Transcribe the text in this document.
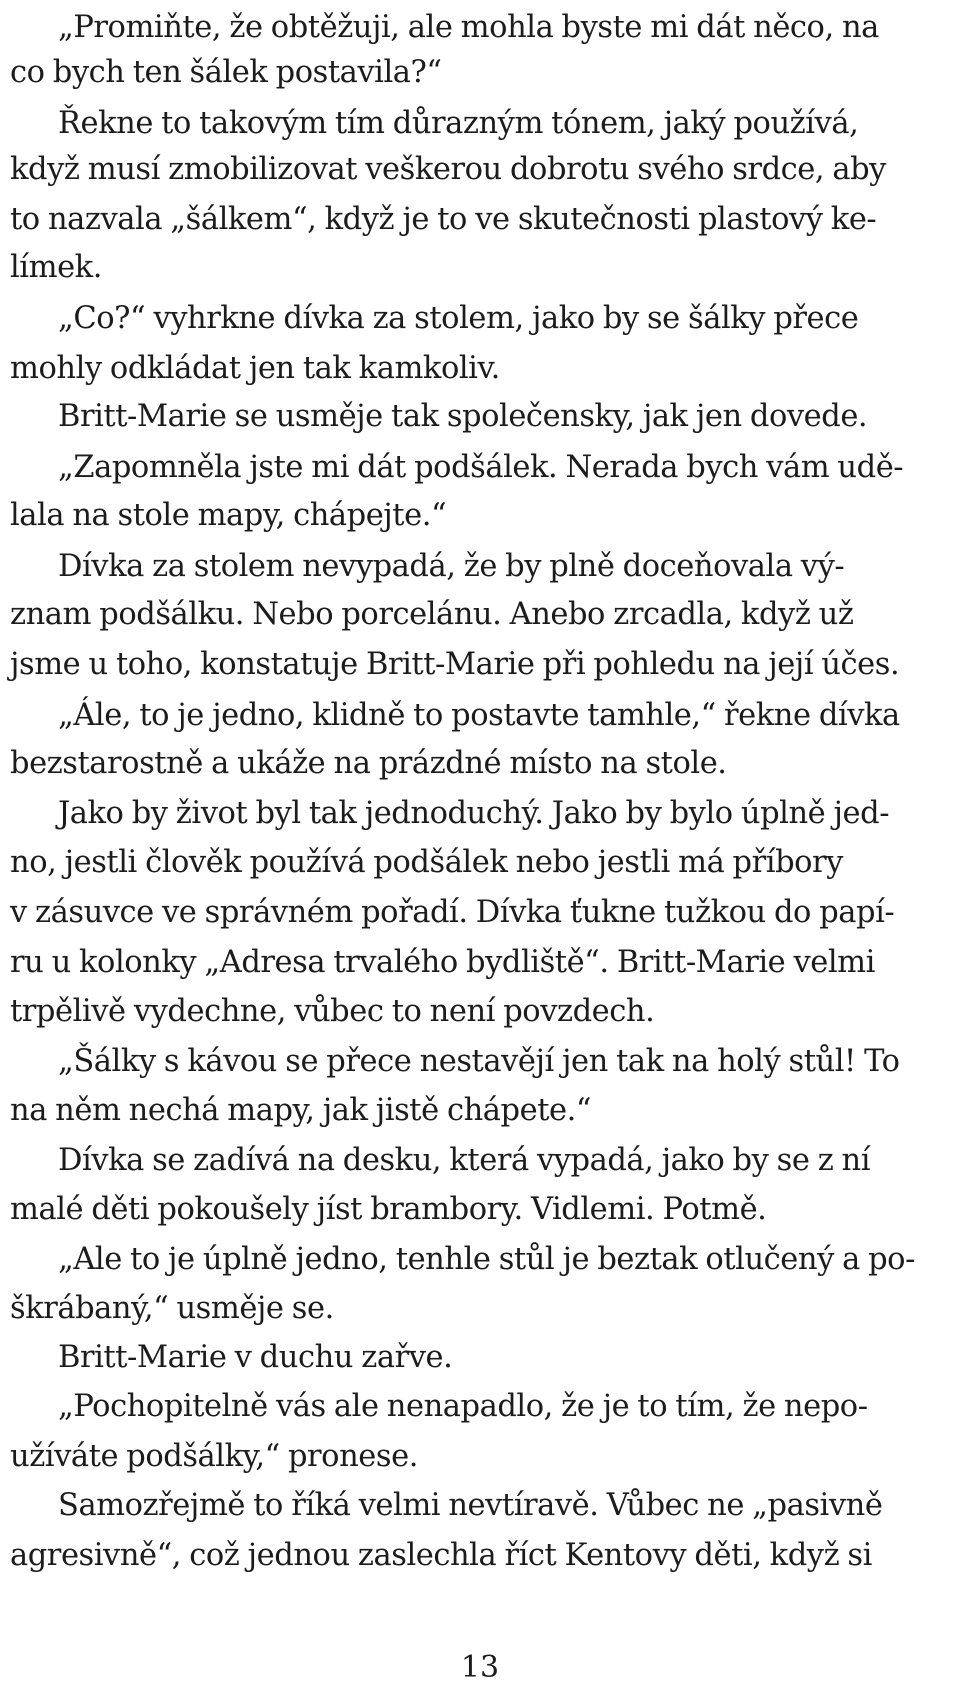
„Promiňte, že obtěžuji, ale mohla byste mi dát něco, na
co bych ten šálek postavila?“
Řekne to takovým tím důrazným tónem, jaký používá,
když musí zmobilizovat veškerou dobrotu svého srdce, aby
to nazvala „šálkem“, když je to ve skutečnosti plastový ke-
límek.
„Co?“ vyhrkne dívka za stolem, jako by se šálky přece
mohly odkládat jen tak kamkoliv.
Britt-Marie se usměje tak společensky, jak jen dovede.
„Zapomněla jste mi dát podšálek. Nerada bych vám udě-
lala na stole mapy, chápejte.“
Dívka za stolem nevypadá, že by plně doceňovala vý-
znam podšálku. Nebo porcelánu. Anebo zrcadla, když už
jsme u toho, konstatuje Britt-Marie při pohledu na její účes.
„Ále, to je jedno, klidně to postavte tamhle,“ řekne dívka
bezstarostně a ukáže na prázdné místo na stole.
Jako by život byl tak jednoduchý. Jako by bylo úplně jed-
no, jestli člověk používá podšálek nebo jestli má příbory
v zásuvce ve správném pořadí. Dívka ťukne tužkou do papí-
ru u kolonky „Adresa trvalého bydliště“. Britt-Marie velmi
trpělivě vydechne, vůbec to není povzdech.
„Šálky s kávou se přece nestavějí jen tak na holý stůl! To
na něm nechá mapy, jak jistě chápete.“
Dívka se zadívá na desku, která vypadá, jako by se z ní
malé děti pokoušely jíst brambory. Vidlemi. Potmě.
„Ale to je úplně jedno, tenhle stůl je beztak otlučený a po-
škrábaný,“ usměje se.
Britt-Marie v duchu zařve.
„Pochopitelně vás ale nenapadlo, že je to tím, že nepo-
užíváte podšálky,“ pronese.
Samozřejmě to říká velmi nevtíravě. Vůbec ne „pasivně
agresivně“, což jednou zaslechla říct Kentovy děti, když si
13
